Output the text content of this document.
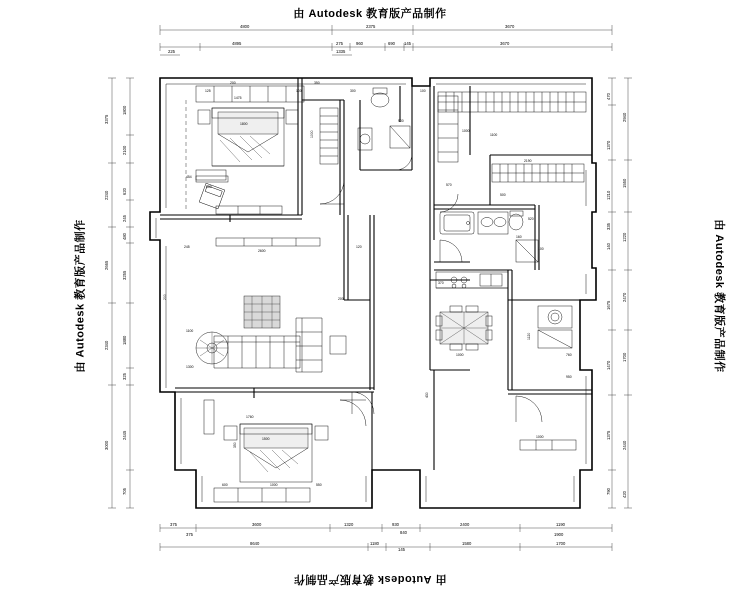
由 Autodesk 教育版产品制作
由 Autodesk 教育版产品制作
由 Autodesk 教育版产品制作	由 Autodesk 教育版产品制作
4800	2375	3670
4895	275	960	690 145	3670
225	1335
375	3600	1320	930
840
2400	1190
8640	1180
145
1580	1700
375	1900
3375
2240
2665
2340
3000
1800
2100
620
245
480
3255
1880
325
2445
705
470
1370
1210
335
140
1675
1470
1375
790
2940
1550
1220
2470
1700
2440
420
1475
1800
454
550
1000
900
2600
1100
1300
1500
350
600	1000	550
1760
1000
2190
1100
520
160
370
1000	760
1120
1000
125
200
100
350
300	100
570
500
100
430
950
245
200	200
120
